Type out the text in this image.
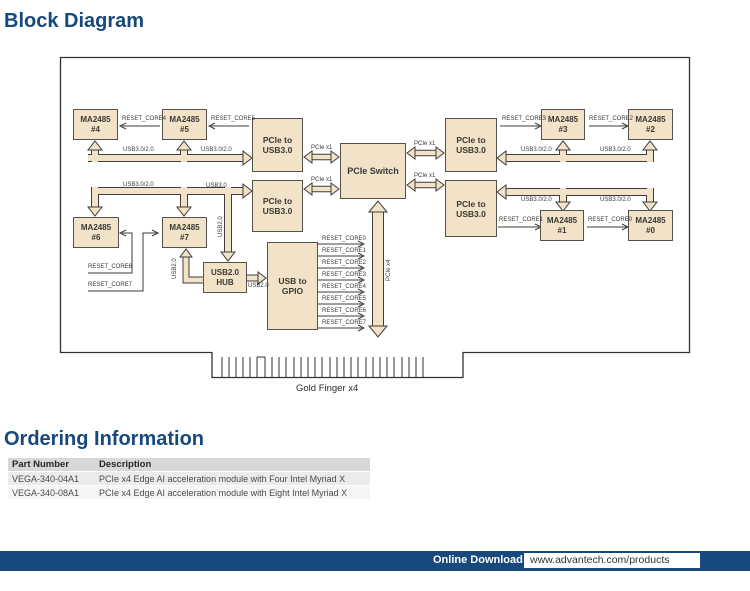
Block Diagram
MA2485
#4
MA2485
#5
MA2485
#3
MA2485
#2
MA2485
#6
MA2485
#7
MA2485
#1
MA2485
#0
PCIe to
USB3.0
PCIe to
USB3.0
PCIe to
USB3.0
PCIe to
USB3.0
PCIe Switch
USB2.0
HUB	USB to GPIO
RESET_CORE4	RESET_CORE5	RESET_CORE3	RESET_CORE2
RESET_CORE1	RESET_CORE0
RESET_CORE6
RESET_CORE7
USB3.0/2.0	USB3.0/2.0	USB3.0/2.0	USB3.0/2.0
USB3.0/2.0	USB3.0
USB3.0/2.0	USB3.0/2.0
PCIe x1
PCIe x1
PCIe x1
PCIe x1
PCIe x4
USB2.0
USB2.0
USB2.0
RESET_CORE0
RESET_CORE1
RESET_CORE2
RESET_CORE3
RESET_CORE4
RESET_CORE5
RESET_CORE6
RESET_CORE7
Gold Finger x4
Ordering Information
Part Number	Description
VEGA-340-04A1	PCIe x4 Edge AI acceleration module with Four Intel Myriad X
VEGA-340-08A1	PCIe x4 Edge AI acceleration module with Eight Intel Myriad X
Online Download www.advantech.com/products
